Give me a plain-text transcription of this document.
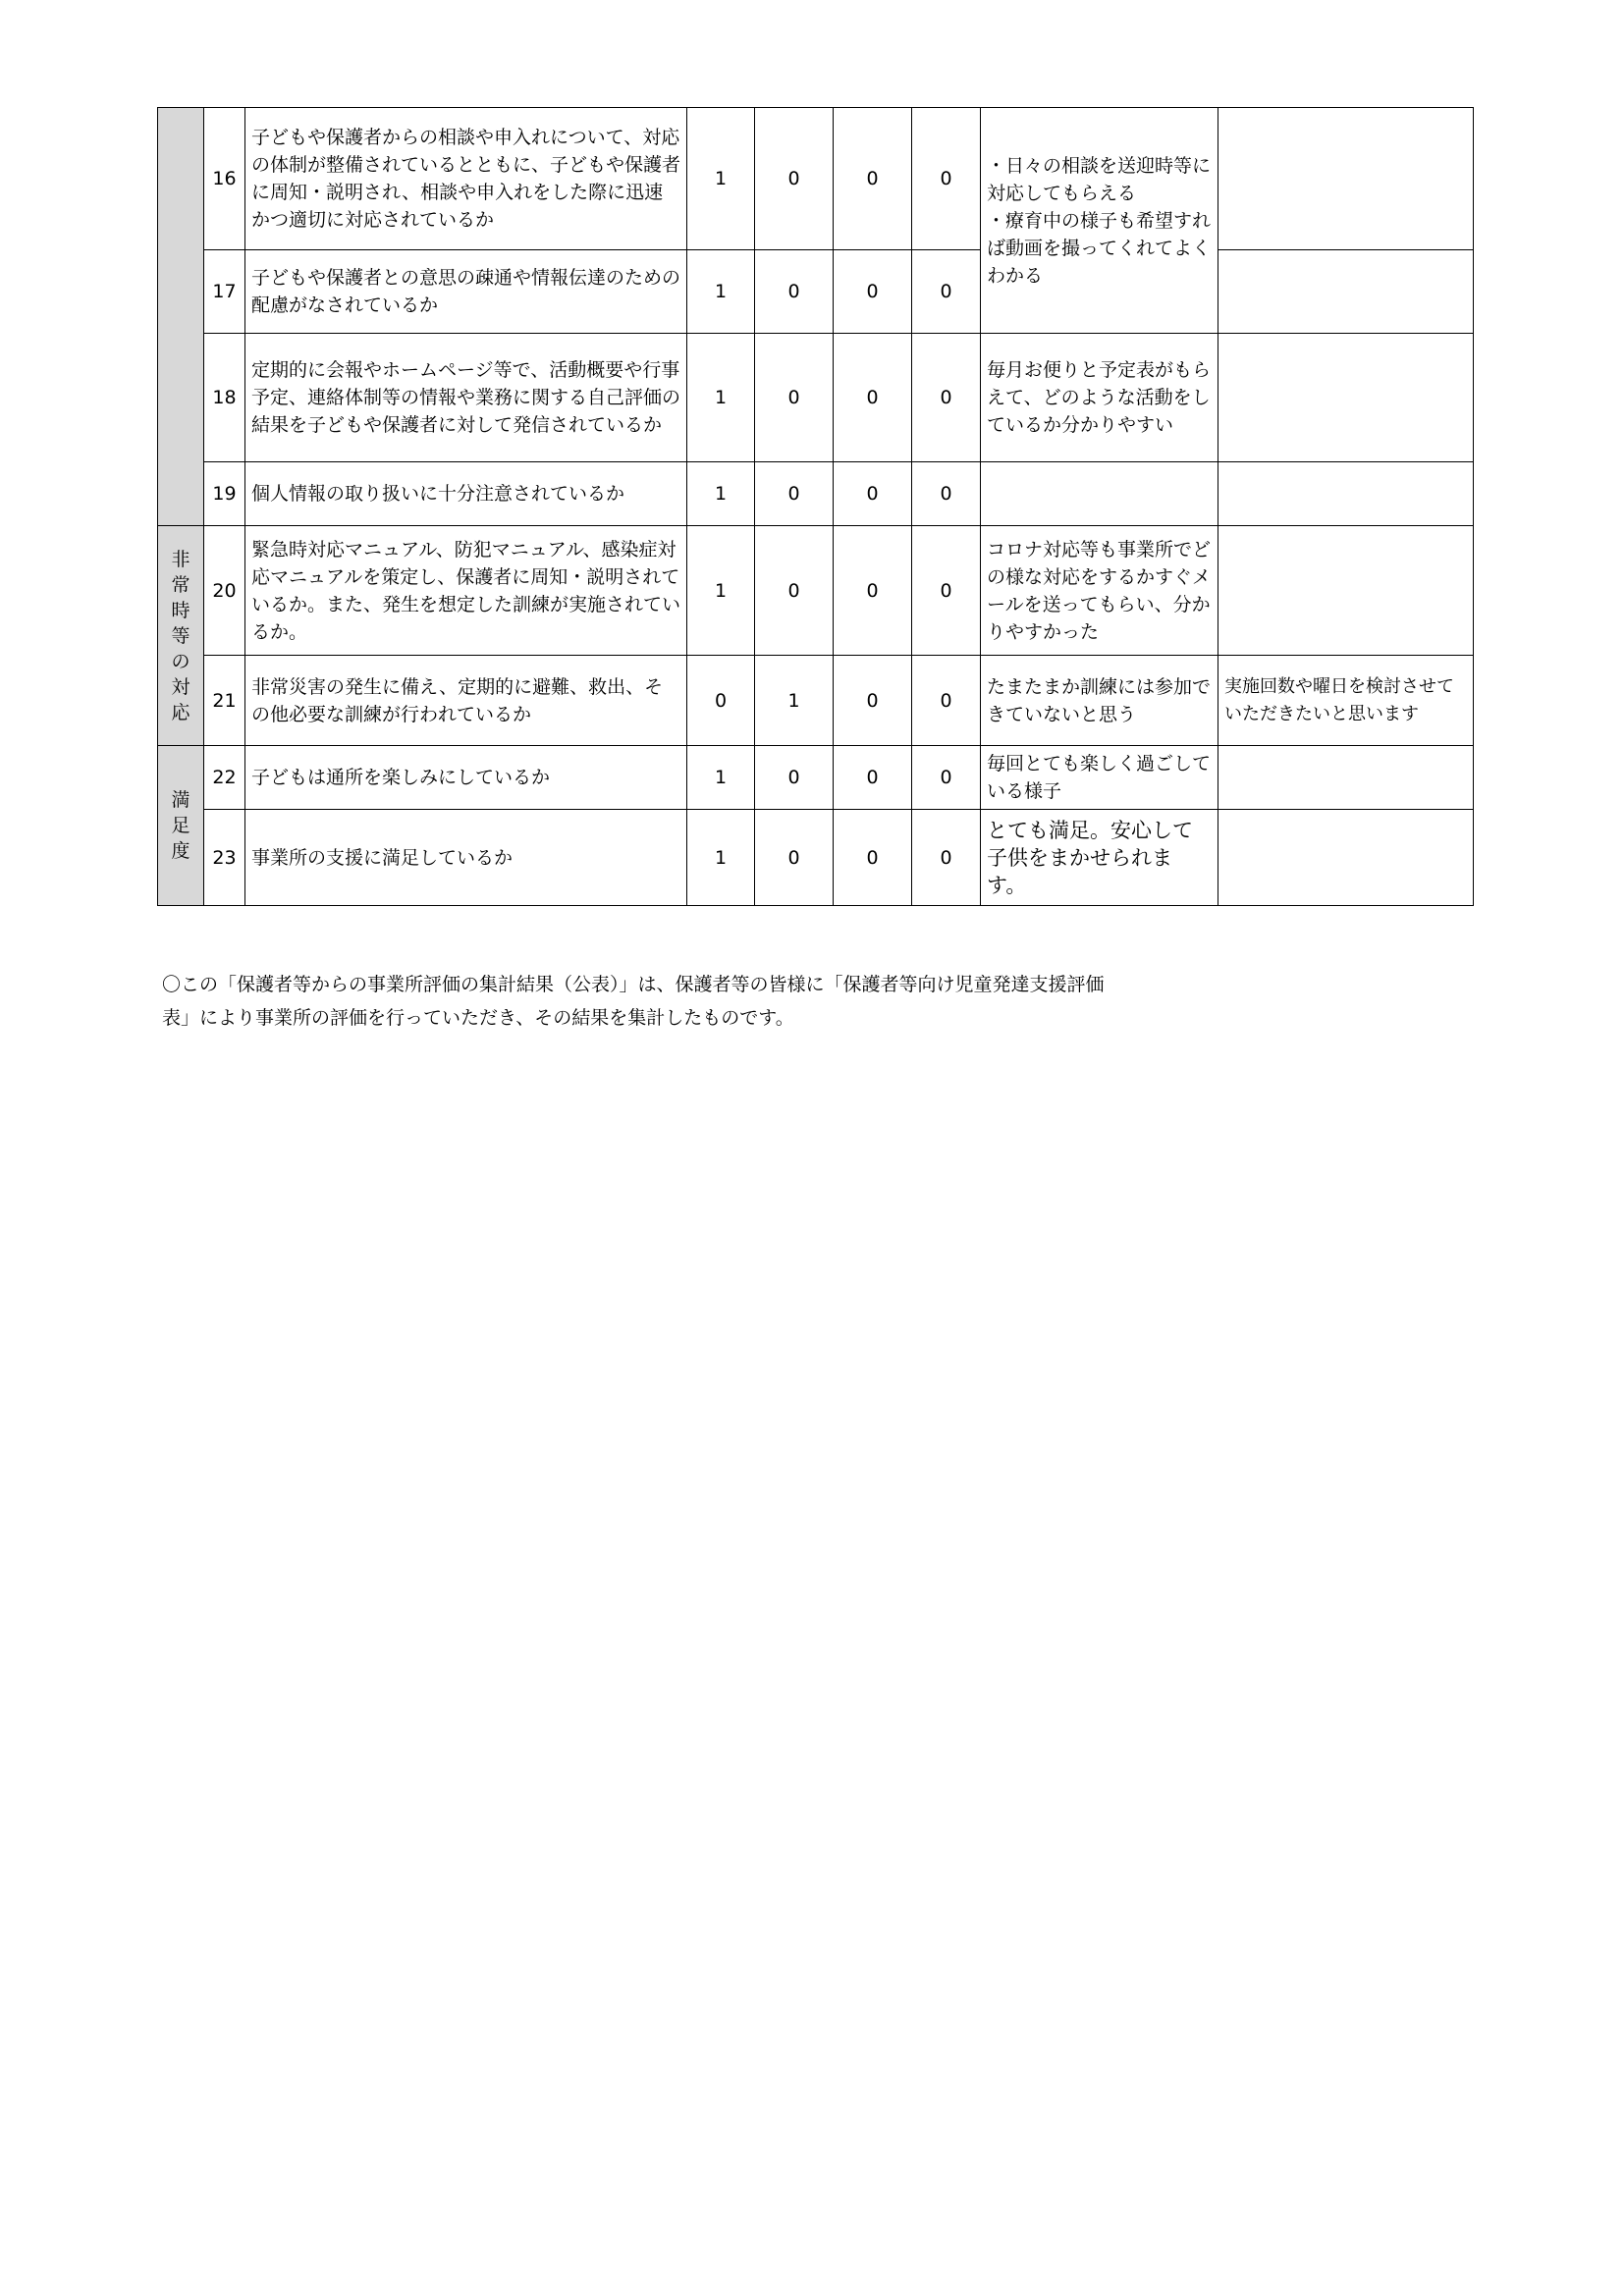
	16	子どもや保護者からの相談や申入れについて、対応の体制が整備されているとともに、子どもや保護者に周知・説明され、相談や申入れをした際に迅速かつ適切に対応されているか	1	0	0	0	・日々の相談を送迎時等に対応してもらえる
・療育中の様子も希望すれば動画を撮ってくれてよくわかる	
	17	子どもや保護者との意思の疎通や情報伝達のための配慮がなされているか	1	0	0	0		
	18	定期的に会報やホームページ等で、活動概要や行事予定、連絡体制等の情報や業務に関する自己評価の結果を子どもや保護者に対して発信されているか	1	0	0	0	毎月お便りと予定表がもらえて、どのような活動をしているか分かりやすい	
	19	個人情報の取り扱いに十分注意されているか	1	0	0	0		

非常時等の対応	20	緊急時対応マニュアル、防犯マニュアル、感染症対応マニュアルを策定し、保護者に周知・説明されているか。また、発生を想定した訓練が実施されているか。	1	0	0	0	コロナ対応等も事業所でどの様な対応をするかすぐメールを送ってもらい、分かりやすかった	
	21	非常災害の発生に備え、定期的に避難、救出、その他必要な訓練が行われているか	0	1	0	0	たまたまか訓練には参加できていないと思う	実施回数や曜日を検討させていただきたいと思います

満足度	22	子どもは通所を楽しみにしているか	1	0	0	0	毎回とても楽しく過ごしている様子	
	23	事業所の支援に満足しているか	1	0	0	0	とても満足。安心して子供をまかせられます。	

〇この「保護者等からの事業所評価の集計結果（公表）」は、保護者等の皆様に「保護者等向け児童発達支援評価

表」により事業所の評価を行っていただき、その結果を集計したものです。
